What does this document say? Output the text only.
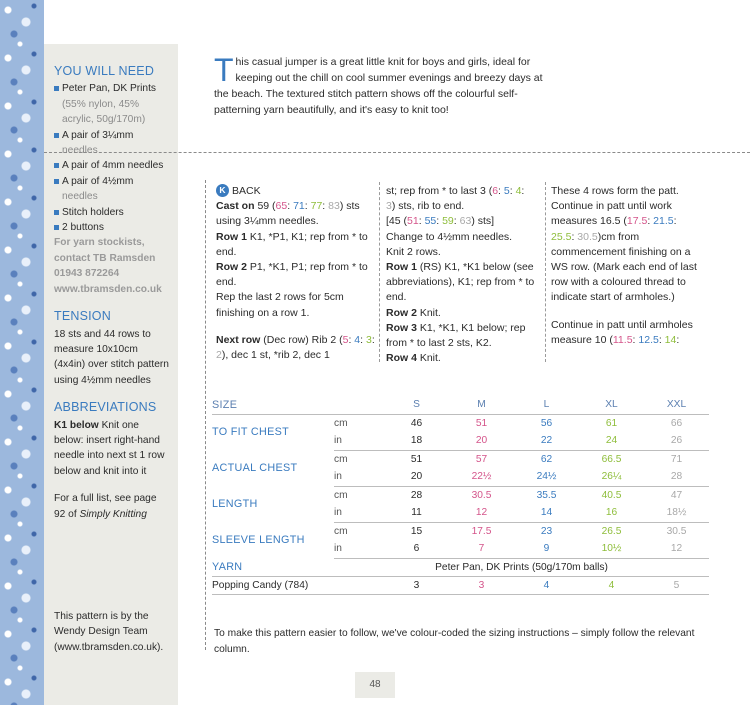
YOU WILL NEED
Peter Pan, DK Prints
(55% nylon, 45%
acrylic, 50g/170m)
A pair of 3¼mm
needles
A pair of 4mm needles
A pair of 4½mm
needles
Stitch holders
2 buttons
For yarn stockists,
contact TB Ramsden
01943 872264
www.tbramsden.co.uk
TENSION
18 sts and 44 rows to measure 10x10cm (4x4in) over stitch pattern using 4½mm needles
ABBREVIATIONS
K1 below Knit one below: insert right-hand needle into next st 1 row below and knit into it
For a full list, see page 92 of Simply Knitting
This pattern is by the Wendy Design Team (www.tbramsden.co.uk).
This casual jumper is a great little knit for boys and girls, ideal for keeping out the chill on cool summer evenings and breezy days at the beach. The textured stitch pattern shows off the colourful self-patterning yarn beautifully, and it's easy to knit too!
K BACK
Cast on 59 (65: 71: 77: 83) sts using 3¼mm needles.
Row 1 K1, *P1, K1; rep from * to end.
Row 2 P1, *K1, P1; rep from * to end.
Rep the last 2 rows for 5cm finishing on a row 1.
Next row (Dec row) Rib 2 (5: 4: 3: 2), dec 1 st, *rib 2, dec 1
st; rep from * to last 3 (6: 5: 4: 3) sts, rib to end.
[45 (51: 55: 59: 63) sts]
Change to 4½mm needles.
Knit 2 rows.
Row 1 (RS) K1, *K1 below (see abbreviations), K1; rep from * to end.
Row 2 Knit.
Row 3 K1, *K1, K1 below; rep from * to last 2 sts, K2.
Row 4 Knit.
These 4 rows form the patt. Continue in patt until work measures 16.5 (17.5: 21.5: 25.5: 30.5)cm from commencement finishing on a WS row. (Mark each end of last row with a coloured thread to indicate start of armholes.)
Continue in patt until armholes measure 10 (11.5: 12.5: 14:
SIZE		S	M	L	XL	XXL
TO FIT CHEST	cm	46	51	56	61	66
	in	18	20	22	24	26
ACTUAL CHEST	cm	51	57	62	66.5	71
	in	20	22½	24½	26¼	28
LENGTH	cm	28	30.5	35.5	40.5	47
	in	11	12	14	16	18½
SLEEVE LENGTH	cm	15	17.5	23	26.5	30.5
	in	6	7	9	10½	12
YARN	Peter Pan, DK Prints (50g/170m balls)					
Popping Candy (784)		3	3	4	4	5
To make this pattern easier to follow, we've colour-coded the sizing instructions – simply follow the relevant column.
48
